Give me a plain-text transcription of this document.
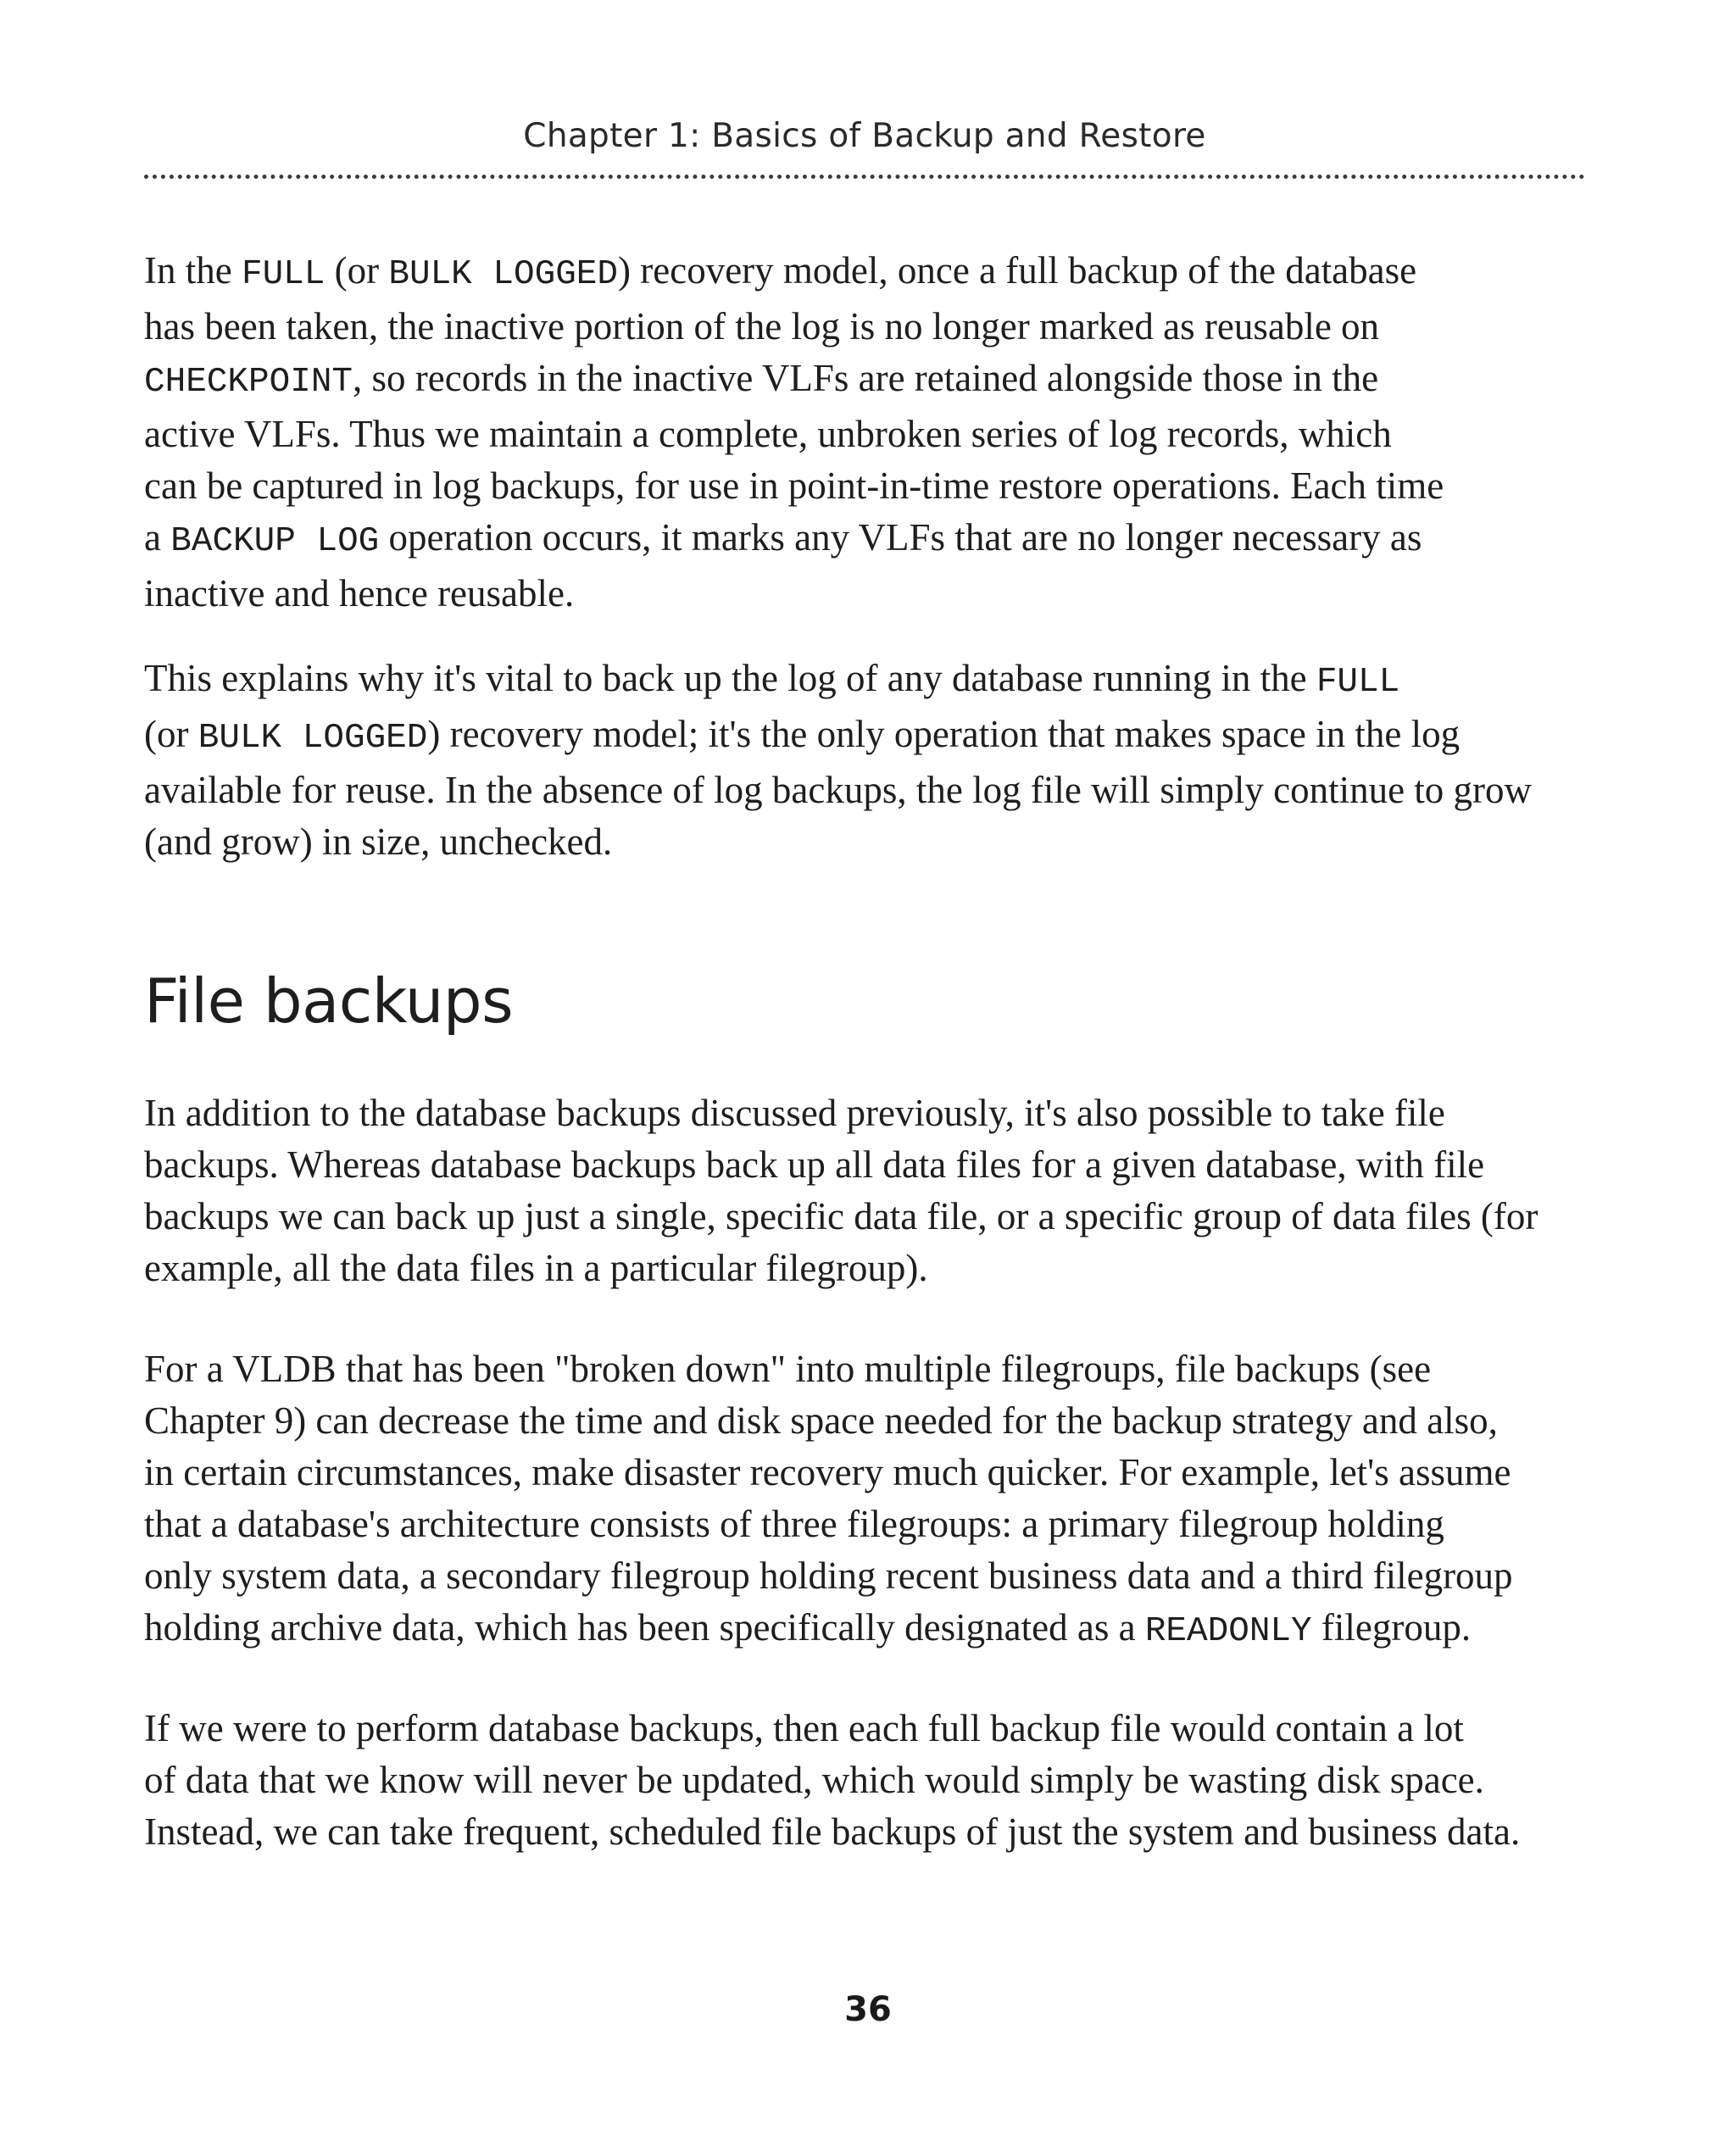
Chapter 1: Basics of Backup and Restore

In the FULL (or BULK LOGGED) recovery model, once a full backup of the database
has been taken, the inactive portion of the log is no longer marked as reusable on
CHECKPOINT, so records in the inactive VLFs are retained alongside those in the
active VLFs. Thus we maintain a complete, unbroken series of log records, which
can be captured in log backups, for use in point-in-time restore operations. Each time
a BACKUP LOG operation occurs, it marks any VLFs that are no longer necessary as
inactive and hence reusable.

This explains why it's vital to back up the log of any database running in the FULL
(or BULK LOGGED) recovery model; it's the only operation that makes space in the log
available for reuse. In the absence of log backups, the log file will simply continue to grow
(and grow) in size, unchecked.

File backups

In addition to the database backups discussed previously, it's also possible to take file
backups. Whereas database backups back up all data files for a given database, with file
backups we can back up just a single, specific data file, or a specific group of data files (for
example, all the data files in a particular filegroup).

For a VLDB that has been "broken down" into multiple filegroups, file backups (see
Chapter 9) can decrease the time and disk space needed for the backup strategy and also,
in certain circumstances, make disaster recovery much quicker. For example, let's assume
that a database's architecture consists of three filegroups: a primary filegroup holding
only system data, a secondary filegroup holding recent business data and a third filegroup
holding archive data, which has been specifically designated as a READONLY filegroup.

If we were to perform database backups, then each full backup file would contain a lot
of data that we know will never be updated, which would simply be wasting disk space.
Instead, we can take frequent, scheduled file backups of just the system and business data.

36
